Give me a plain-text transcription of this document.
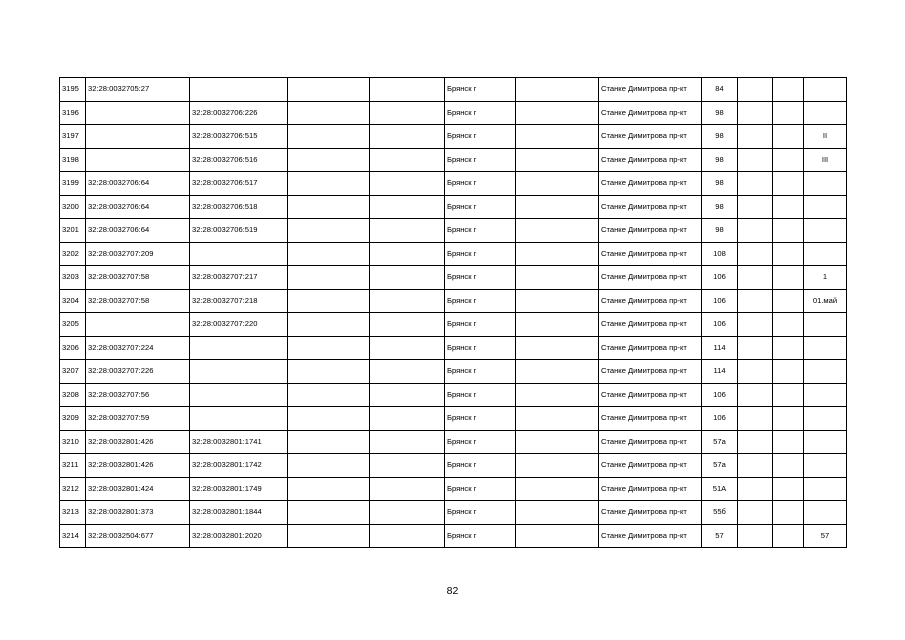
3195	32:28:0032705:27				Брянск г		Станке Димитрова пр-кт	84			
3196		32:28:0032706:226			Брянск г		Станке Димитрова пр-кт	98			
3197		32:28:0032706:515			Брянск г		Станке Димитрова пр-кт	98			II
3198		32:28:0032706:516			Брянск г		Станке Димитрова пр-кт	98			III
3199	32:28:0032706:64	32:28:0032706:517			Брянск г		Станке Димитрова пр-кт	98			
3200	32:28:0032706:64	32:28:0032706:518			Брянск г		Станке Димитрова пр-кт	98			
3201	32:28:0032706:64	32:28:0032706:519			Брянск г		Станке Димитрова пр-кт	98			
3202	32:28:0032707:209				Брянск г		Станке Димитрова пр-кт	108			
3203	32:28:0032707:58	32:28:0032707:217			Брянск г		Станке Димитрова пр-кт	106			1
3204	32:28:0032707:58	32:28:0032707:218			Брянск г		Станке Димитрова пр-кт	106			01.май
3205		32:28:0032707:220			Брянск г		Станке Димитрова пр-кт	106			
3206	32:28:0032707:224				Брянск г		Станке Димитрова пр-кт	114			
3207	32:28:0032707:226				Брянск г		Станке Димитрова пр-кт	114			
3208	32:28:0032707:56				Брянск г		Станке Димитрова пр-кт	106			
3209	32:28:0032707:59				Брянск г		Станке Димитрова пр-кт	106			
3210	32:28:0032801:426	32:28:0032801:1741			Брянск г		Станке Димитрова пр-кт	57а			
3211	32:28:0032801:426	32:28:0032801:1742			Брянск г		Станке Димитрова пр-кт	57а			
3212	32:28:0032801:424	32:28:0032801:1749			Брянск г		Станке Димитрова пр-кт	51А			
3213	32:28:0032801:373	32:28:0032801:1844			Брянск г		Станке Димитрова пр-кт	55б			
3214	32:28:0032504:677	32:28:0032801:2020			Брянск г		Станке Димитрова пр-кт	57			57
82
